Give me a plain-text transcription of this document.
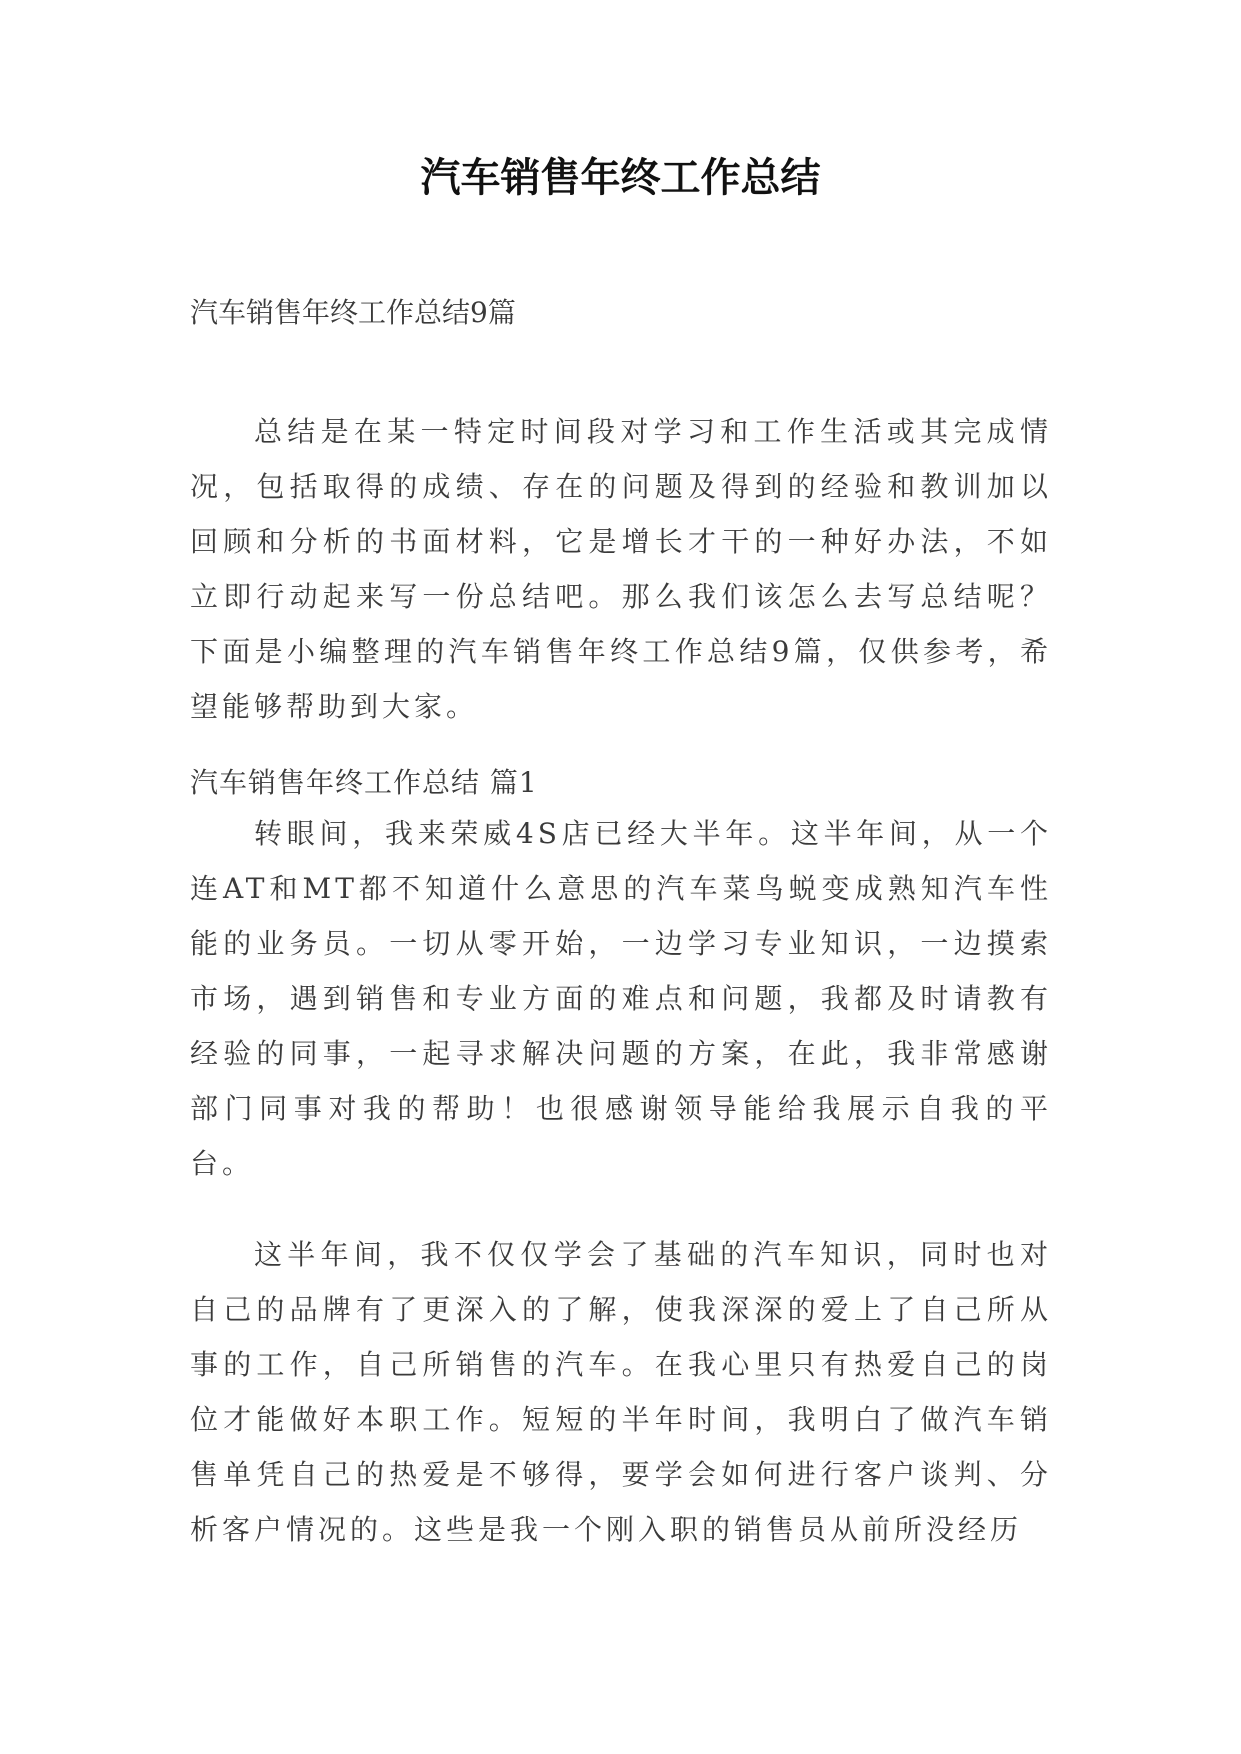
汽车销售年终工作总结

汽车销售年终工作总结9篇

总结是在某一特定时间段对学习和工作生活或其完成情况，包括取得的成绩、存在的问题及得到的经验和教训加以回顾和分析的书面材料，它是增长才干的一种好办法，不如立即行动起来写一份总结吧。那么我们该怎么去写总结呢？下面是小编整理的汽车销售年终工作总结9篇，仅供参考，希望能够帮助到大家。

汽车销售年终工作总结 篇1

转眼间，我来荣威4S店已经大半年。这半年间，从一个连AT和MT都不知道什么意思的汽车菜鸟蜕变成熟知汽车性能的业务员。一切从零开始，一边学习专业知识，一边摸索市场，遇到销售和专业方面的难点和问题，我都及时请教有经验的同事，一起寻求解决问题的方案，在此，我非常感谢部门同事对我的帮助！也很感谢领导能给我展示自我的平台。

这半年间，我不仅仅学会了基础的汽车知识，同时也对自己的品牌有了更深入的了解，使我深深的爱上了自己所从事的工作，自己所销售的汽车。在我心里只有热爱自己的岗位才能做好本职工作。短短的半年时间，我明白了做汽车销售单凭自己的热爱是不够得，要学会如何进行客户谈判、分析客户情况的。这些是我一个刚入职的销售员从前所没经历
